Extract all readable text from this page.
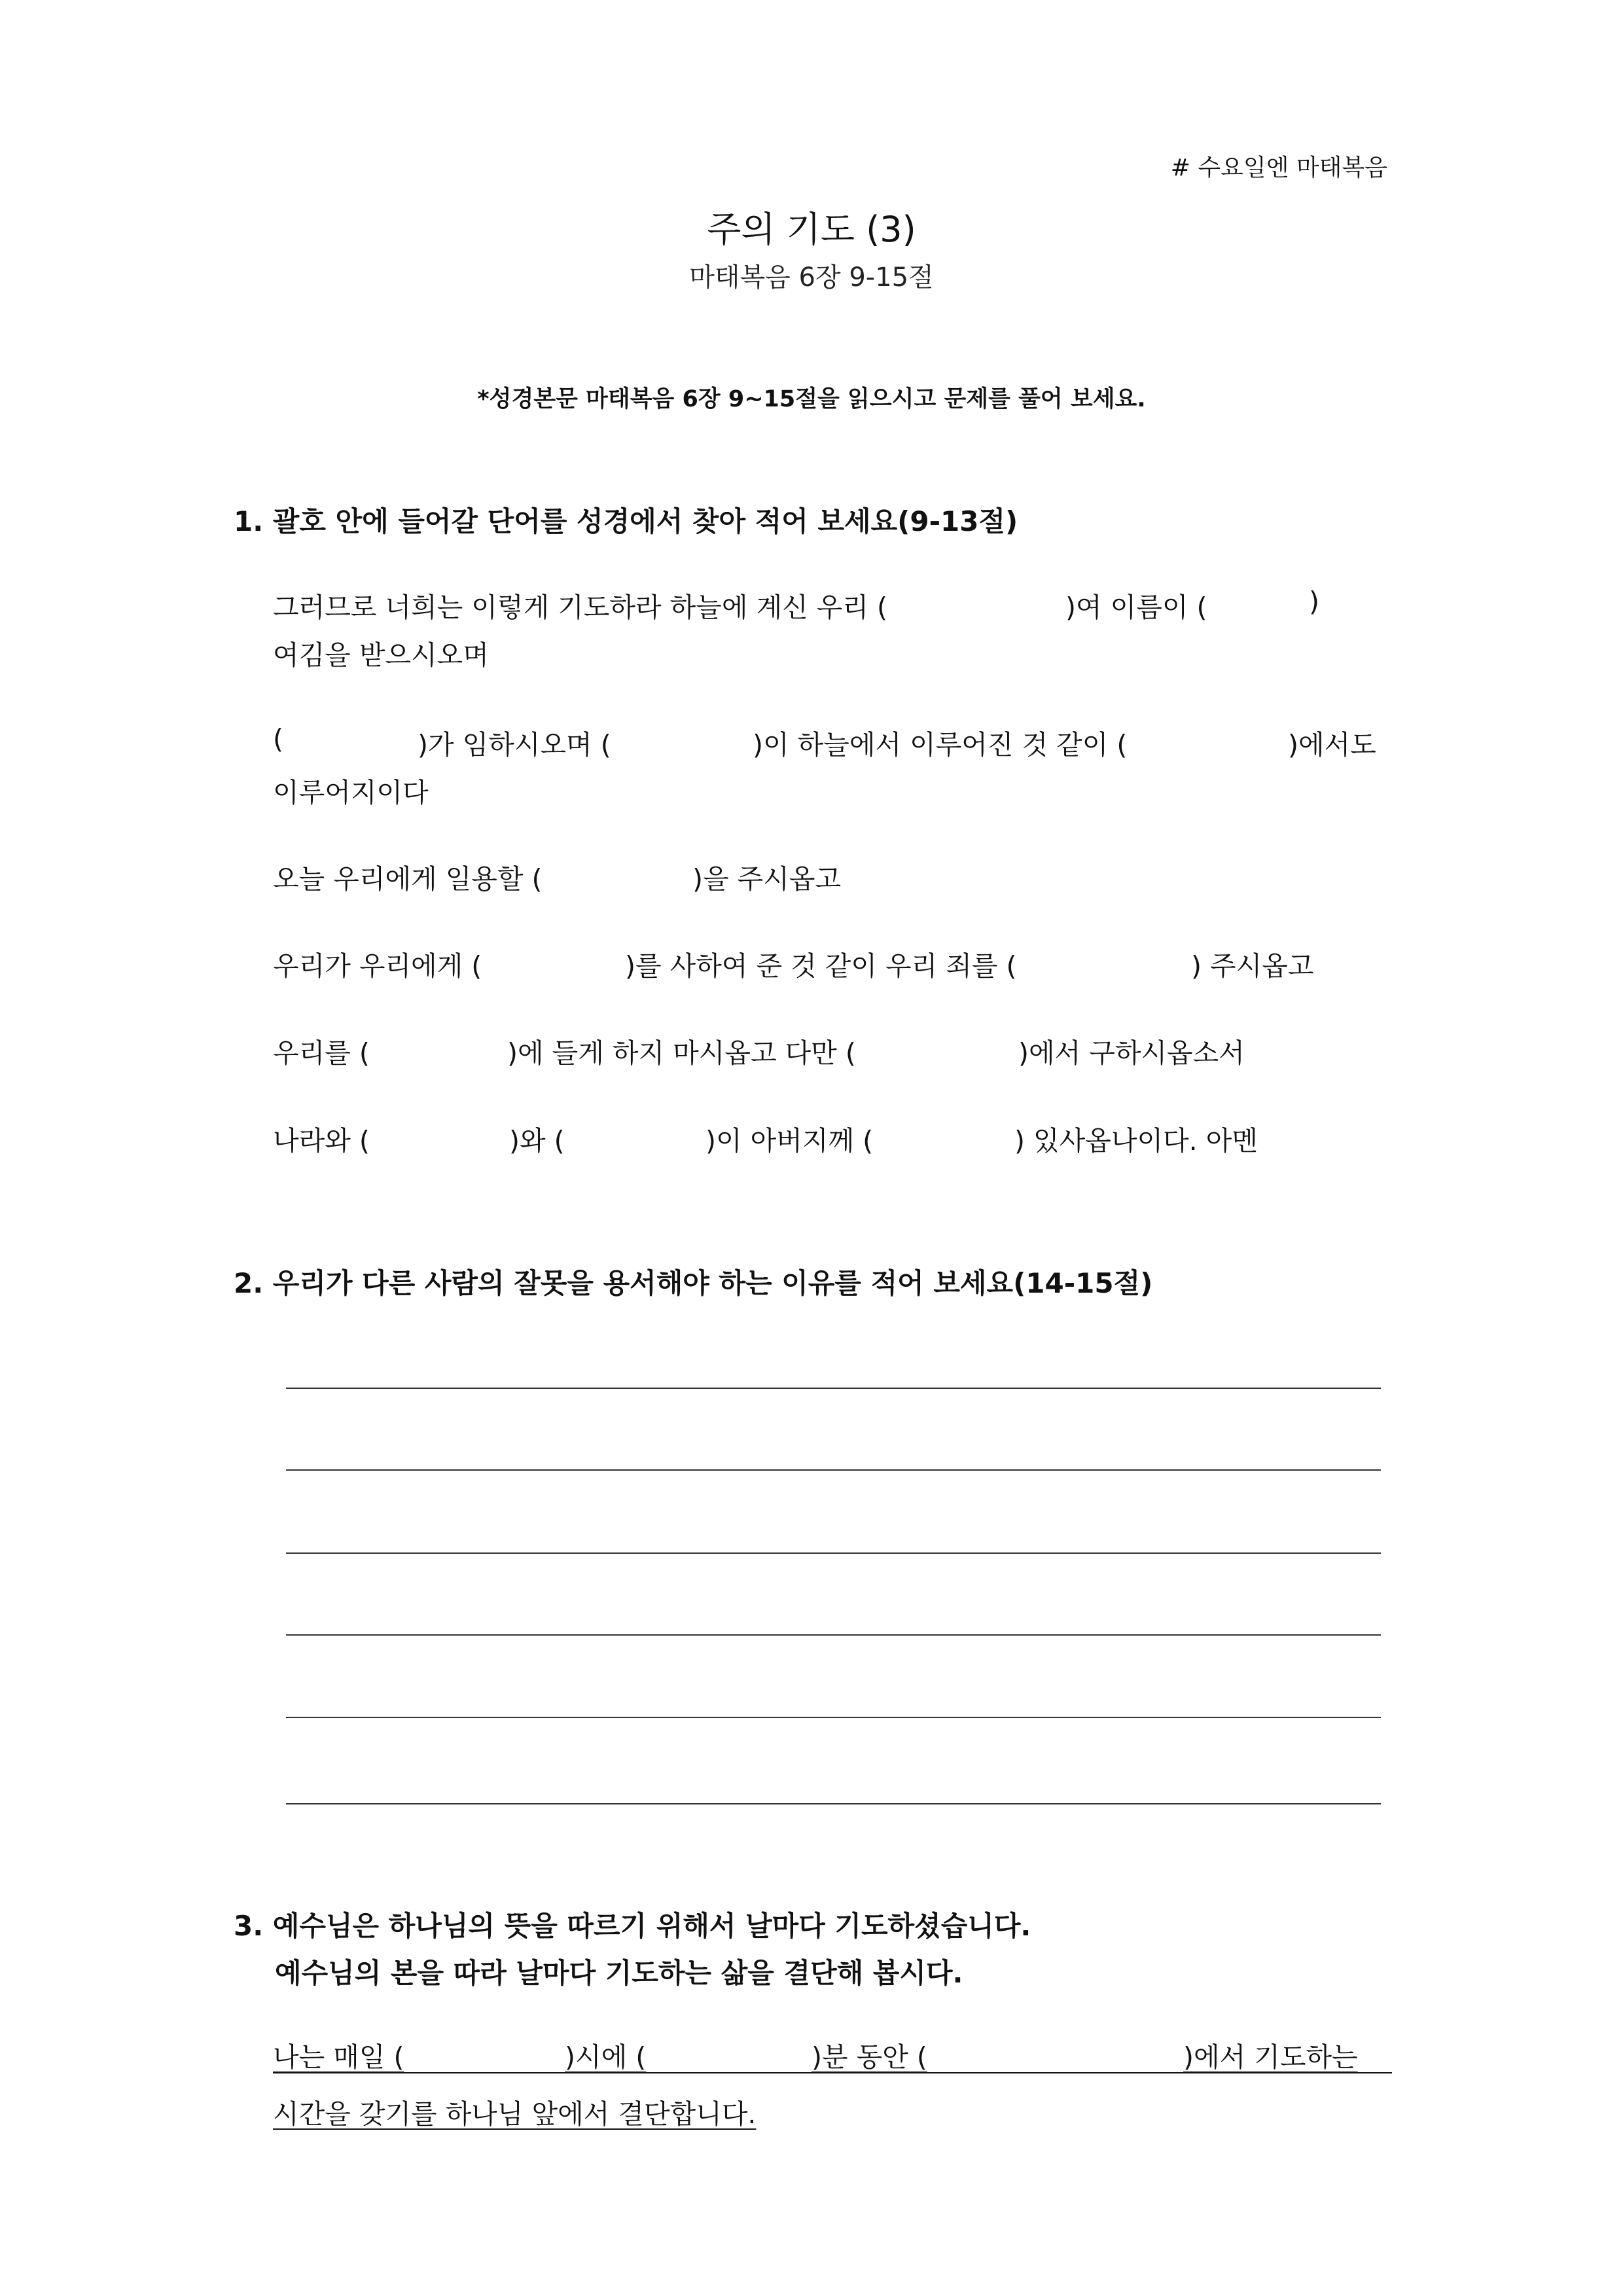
# 수요일엔 마태복음
주의 기도 (3)
마태복음 6장 9-15절
*성경본문 마태복음 6장 9~15절을 읽으시고 문제를 풀어 보세요.
1. 괄호 안에 들어갈 단어를 성경에서 찾아 적어 보세요(9-13절)
그러므로 너희는 이렇게 기도하라 하늘에 계신 우리 (	)여 이름이 (	)
여김을 받으시오며
(	)가 임하시오며 (	)이 하늘에서 이루어진 것 같이 (	)에서도
이루어지이다
오늘 우리에게 일용할 (	)을 주시옵고
우리가 우리에게 (	)를 사하여 준 것 같이 우리 죄를 (	) 주시옵고
우리를 (	)에 들게 하지 마시옵고 다만 (	)에서 구하시옵소서
나라와 (	)와 (	)이 아버지께 (	) 있사옵나이다. 아멘
2. 우리가 다른 사람의 잘못을 용서해야 하는 이유를 적어 보세요(14-15절)
3. 예수님은 하나님의 뜻을 따르기 위해서 날마다 기도하셨습니다.
예수님의 본을 따라 날마다 기도하는 삶을 결단해 봅시다.
나는 매일 (	)시에 (	)분 동안 (	)에서 기도하는
시간을 갖기를 하나님 앞에서 결단합니다.
